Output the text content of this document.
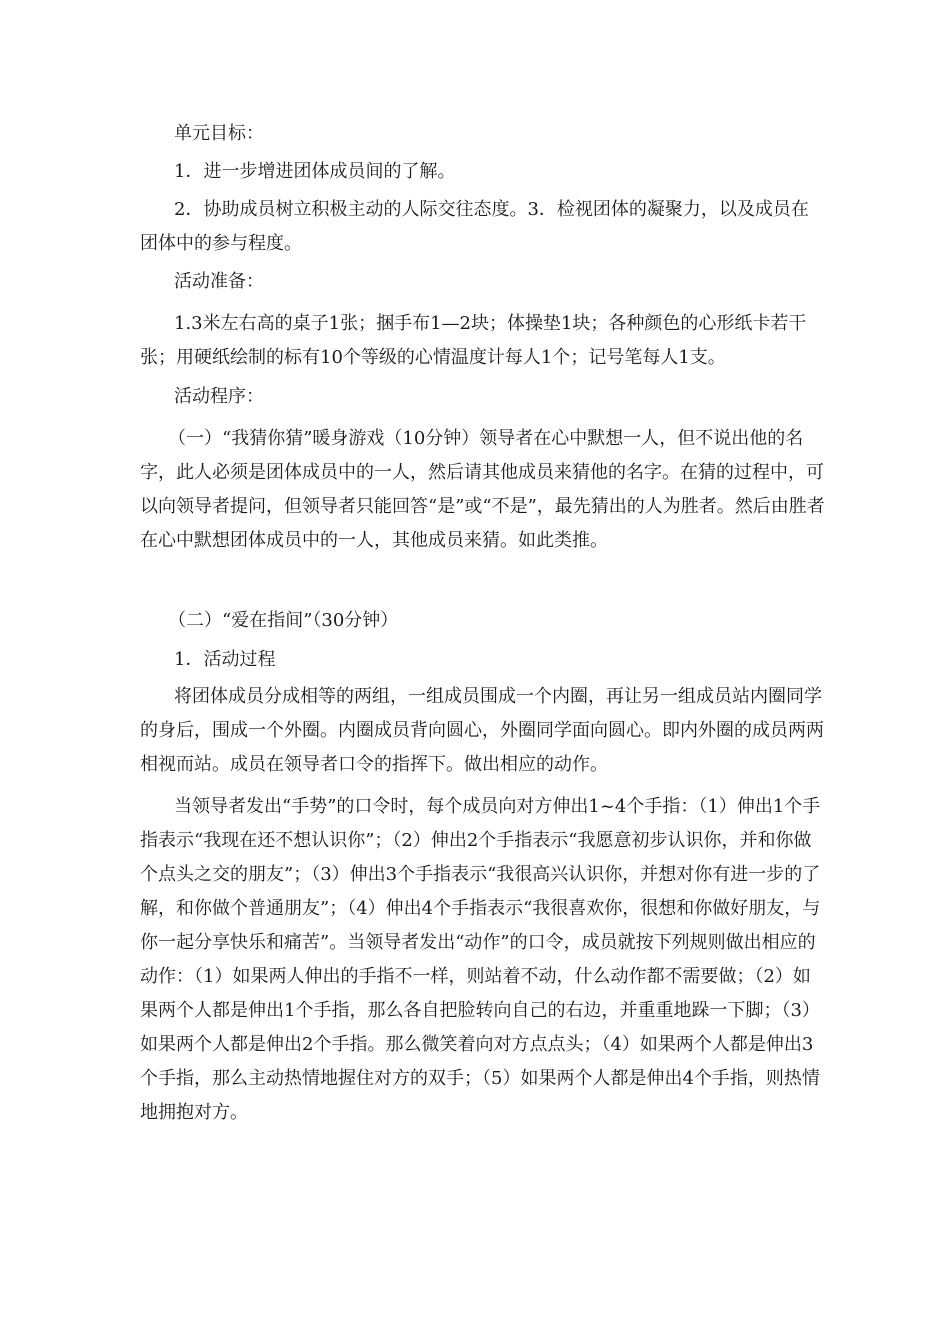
单元目标：

1．进一步增进团体成员间的了解。

2．协助成员树立积极主动的人际交往态度。3．检视团体的凝聚力，以及成员在团体中的参与程度。

活动准备：

1.3米左右高的桌子1张；捆手布1—2块；体操垫1块；各种颜色的心形纸卡若干张；用硬纸绘制的标有10个等级的心情温度计每人1个；记号笔每人1支。

活动程序：

（一）“我猜你猜”暖身游戏（10分钟）领导者在心中默想一人，但不说出他的名字，此人必须是团体成员中的一人，然后请其他成员来猜他的名字。在猜的过程中，可以向领导者提问，但领导者只能回答“是”或“不是”，最先猜出的人为胜者。然后由胜者在心中默想团体成员中的一人，其他成员来猜。如此类推。

（二）“爱在指间”（30分钟）

1．活动过程

将团体成员分成相等的两组，一组成员围成一个内圈，再让另一组成员站内圈同学的身后，围成一个外圈。内圈成员背向圆心，外圈同学面向圆心。即内外圈的成员两两相视而站。成员在领导者口令的指挥下。做出相应的动作。

当领导者发出“手势”的口令时，每个成员向对方伸出1~4个手指：（1）伸出1个手指表示“我现在还不想认识你”；（2）伸出2个手指表示“我愿意初步认识你，并和你做个点头之交的朋友”；（3）伸出3个手指表示“我很高兴认识你，并想对你有进一步的了解，和你做个普通朋友”；（4）伸出4个手指表示“我很喜欢你，很想和你做好朋友，与你一起分享快乐和痛苦”。当领导者发出“动作”的口令，成员就按下列规则做出相应的动作：（1）如果两人伸出的手指不一样，则站着不动，什么动作都不需要做；（2）如果两个人都是伸出1个手指，那么各自把脸转向自己的右边，并重重地跺一下脚；（3）如果两个人都是伸出2个手指。那么微笑着向对方点点头；（4）如果两个人都是伸出3个手指，那么主动热情地握住对方的双手；（5）如果两个人都是伸出4个手指，则热情地拥抱对方。
